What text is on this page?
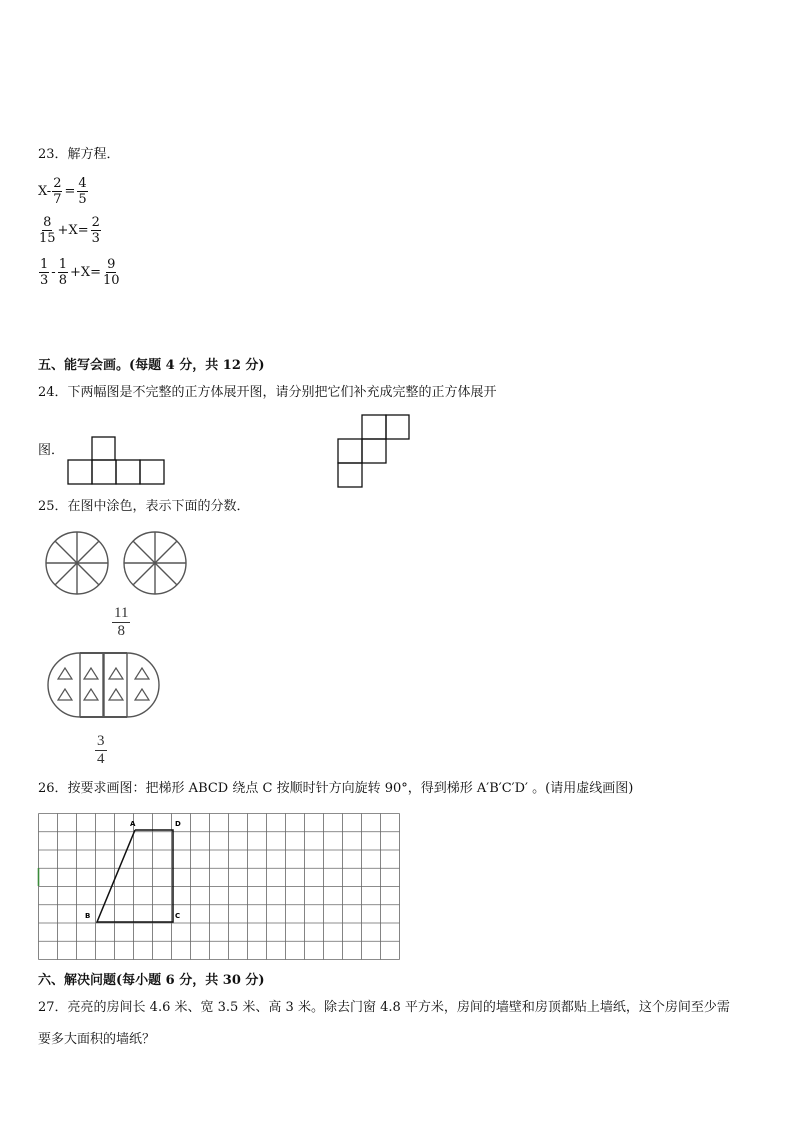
23．解方程．
$X- \frac{2}{7} = \frac{4}{5}$
$\frac{8}{15} +X= \frac{2}{3}$
$\frac{1}{3} - \frac{1}{8} +X= \frac{9}{10}$
五、能写会画。(每题 4 分，共 12 分)
24．下两幅图是不完整的正方体展开图，请分别把它们补充成完整的正方体展开
图．
25．在图中涂色，表示下面的分数．
$\frac{11}{8}$
$\frac{3}{4}$
26．按要求画图：把梯形 ABCD 绕点 C 按顺时针方向旋转 90°，得到梯形 A′B′C′D′ 。(请用虚线画图)
A	D
B	C
六、解决问题(每小题 6 分，共 30 分)
27．亮亮的房间长 4.6 米、宽 3.5 米、高 3 米。除去门窗 4.8 平方米，房间的墙壁和房顶都贴上墙纸，这个房间至少需
要多大面积的墙纸？
